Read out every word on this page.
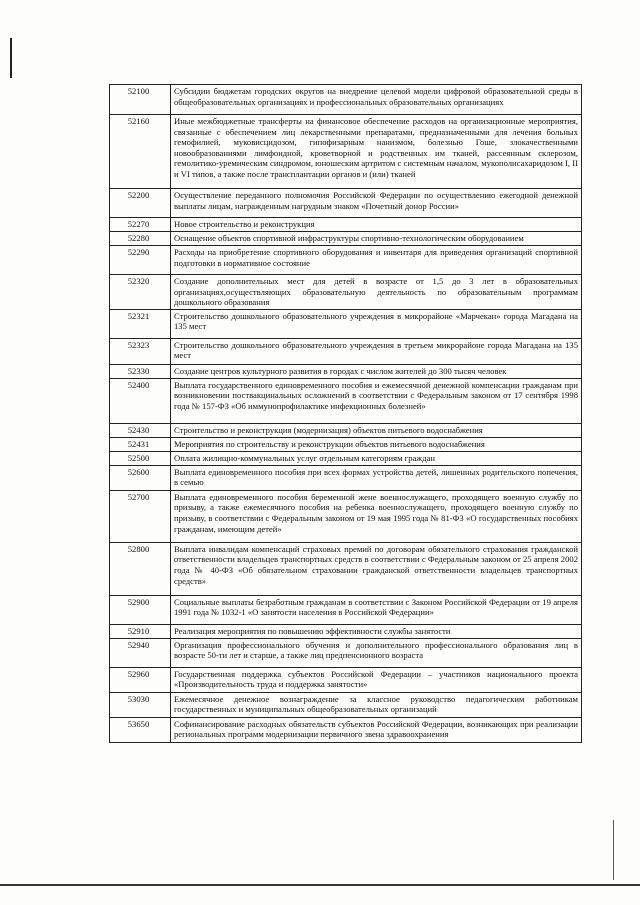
52100	Субсидии бюджетам городских округов на внедрение целевой модели цифровой образовательной среды в общеобразовательных организациях и профессиональных образовательных организациях
52160	Иные межбюджетные трансферты на финансовое обеспечение расходов на организационные мероприятия, связанные с обеспечением лиц лекарственными препаратами, предназначенными для лечения больных гемофилией, муковисцидозом, гипофизарным нанизмом, болезнью Гоше, злокачественными новообразованиями лимфоидной, кроветворной и родственных им тканей, рассеянным склерозом, гемолитико-уремическим синдромом, юношеским артритом с системным началом, мукополисахаридозом I, II и VI типов, а также после трансплантации органов и (или) тканей
52200	Осуществление переданного полномочия Российской Федерации по осуществлению ежегодной денежной выплаты лицам, награжденным нагрудным знаком «Почетный донор России»
52270	Новое строительство и реконструкция
52280	Оснащение объектов спортивной инфраструктуры спортивно-технологическим оборудованием
52290	Расходы на приобретение спортивного оборудования и инвентаря для приведения организаций спортивной подготовки в нормативное состояние
52320	Создание дополнительных мест для детей в возрасте от 1,5 до 3 лет в образовательных организациях,осуществляющих образовательную деятельность по образовательным программам дошкольного образования
52321	Строительство дошкольного образовательного учреждения в микрорайоне «Марчекан» города Магадана на 135 мест
52323	Строительство дошкольного образовательного учреждения в третьем микрорайоне города Магадана на 135 мест
52330	Создание центров культурного развития в городах с числом жителей до 300 тысяч человек
52400	Выплата государственного единовременного пособия и ежемесячной денежной компенсации гражданам при возникновении поствакцинальных осложнений в соответствии с Федеральным законом от 17 сентября 1998 года № 157-ФЗ «Об иммунопрофилактике инфекционных болезней»
52430	Строительство и реконструкция (модернизация) объектов питьевого водоснабжения
52431	Мероприятия по строительству и реконструкции объектов питьевого водоснабжения
52500	Оплата жилищно-коммунальных услуг отдельным категориям граждан
52600	Выплата единовременного пособия при всех формах устройства детей, лишенных родительского попечения, в семью
52700	Выплата единовременного пособия беременной жене военнослужащего, проходящего военную службу по призыву, а также ежемесячного пособия на ребенка военнослужащего, проходящего военную службу по призыву, в соответствии с Федеральным законом от 19 мая 1995 года № 81-ФЗ «О государственных пособиях гражданам, имеющим детей»
52800	Выплата инвалидам компенсаций страховых премий по договорам обязательного страхования гражданской ответственности владельцев транспортных средств в соответствии с Федеральным законом от 25 апреля 2002 года № 40-ФЗ «Об обязательном страховании гражданской ответственности владельцев транспортных средств»
52900	Социальные выплаты безработным гражданам в соответствии с Законом Российской Федерации от 19 апреля 1991 года № 1032-1 «О занятости населения в Российской Федерации»
52910	Реализация мероприятия по повышению эффективности службы занятости
52940	Организация профессионального обучения и дополнительного профессионального образования лиц в возрасте 50-ти лет и старше, а также лиц предпенсионного возраста
52960	Государственная поддержка субъектов Российской Федерации – участников национального проекта «Производительность труда и поддержка занятости»
53030	Ежемесячное денежное вознаграждение за классное руководство педагогическим работникам государственных и муниципальных общеобразовательных организаций
53650	Софинансирование расходных обязательств субъектов Российской Федерации, возникающих при реализации региональных программ модернизации первичного звена здравоохранения
